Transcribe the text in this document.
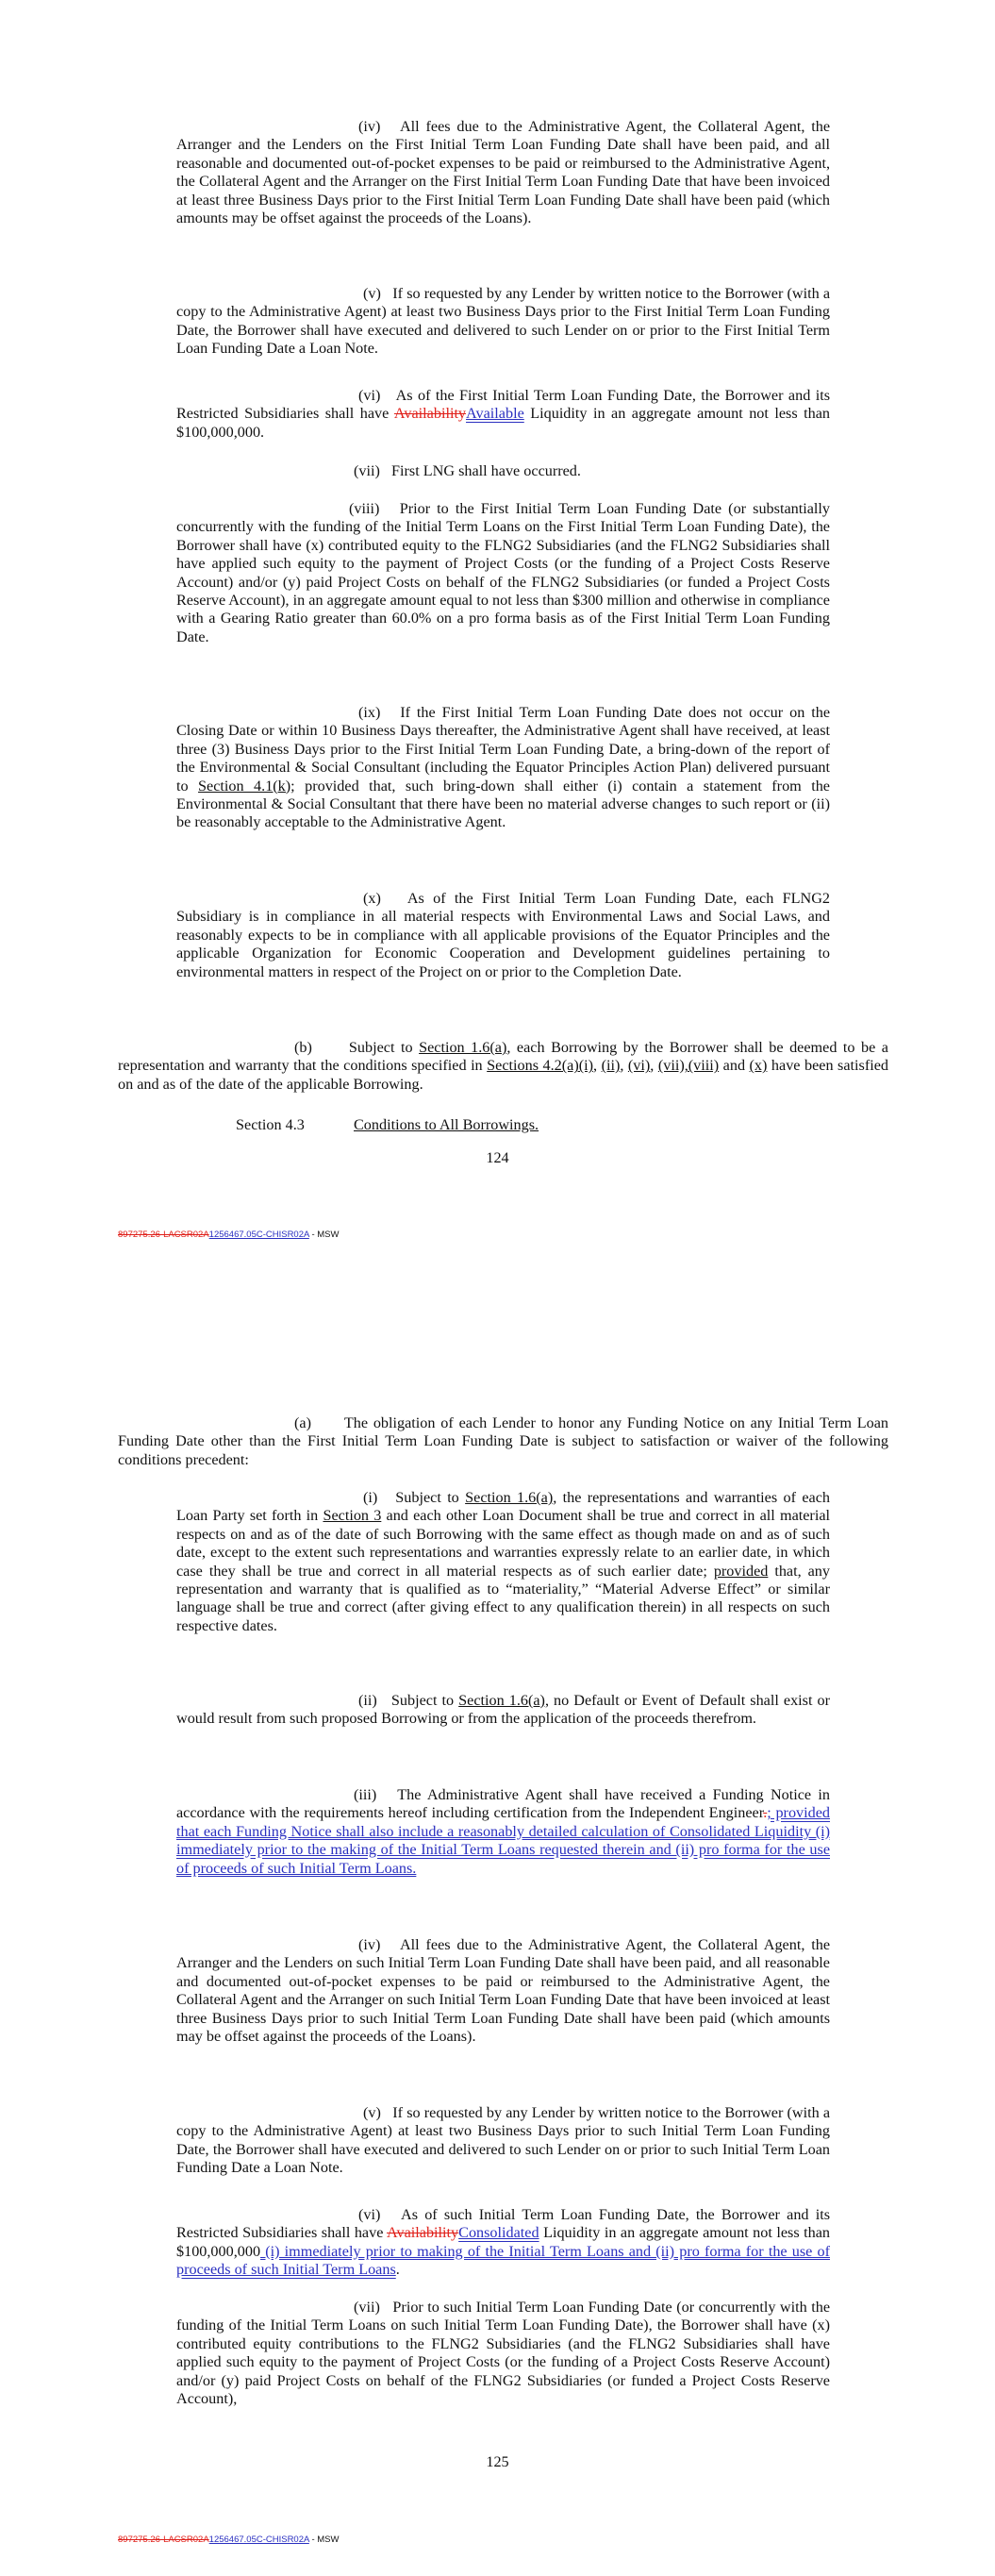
(iv) All fees due to the Administrative Agent, the Collateral Agent, the Arranger and the Lenders on the First Initial Term Loan Funding Date shall have been paid, and all reasonable and documented out-of-pocket expenses to be paid or reimbursed to the Administrative Agent, the Collateral Agent and the Arranger on the First Initial Term Loan Funding Date that have been invoiced at least three Business Days prior to the First Initial Term Loan Funding Date shall have been paid (which amounts may be offset against the proceeds of the Loans).

(v) If so requested by any Lender by written notice to the Borrower (with a copy to the Administrative Agent) at least two Business Days prior to the First Initial Term Loan Funding Date, the Borrower shall have executed and delivered to such Lender on or prior to the First Initial Term Loan Funding Date a Loan Note.

(vi) As of the First Initial Term Loan Funding Date, the Borrower and its Restricted Subsidiaries shall have AvailabilityAvailable Liquidity in an aggregate amount not less than $100,000,000.

(vii) First LNG shall have occurred.

(viii) Prior to the First Initial Term Loan Funding Date (or substantially concurrently with the funding of the Initial Term Loans on the First Initial Term Loan Funding Date), the Borrower shall have (x) contributed equity to the FLNG2 Subsidiaries (and the FLNG2 Subsidiaries shall have applied such equity to the payment of Project Costs (or the funding of a Project Costs Reserve Account) and/or (y) paid Project Costs on behalf of the FLNG2 Subsidiaries (or funded a Project Costs Reserve Account), in an aggregate amount equal to not less than $300 million and otherwise in compliance with a Gearing Ratio greater than 60.0% on a pro forma basis as of the First Initial Term Loan Funding Date.

(ix) If the First Initial Term Loan Funding Date does not occur on the Closing Date or within 10 Business Days thereafter, the Administrative Agent shall have received, at least three (3) Business Days prior to the First Initial Term Loan Funding Date, a bring-down of the report of the Environmental & Social Consultant (including the Equator Principles Action Plan) delivered pursuant to Section 4.1(k); provided that, such bring-down shall either (i) contain a statement from the Environmental & Social Consultant that there have been no material adverse changes to such report or (ii) be reasonably acceptable to the Administrative Agent.

(x) As of the First Initial Term Loan Funding Date, each FLNG2 Subsidiary is in compliance in all material respects with Environmental Laws and Social Laws, and reasonably expects to be in compliance with all applicable provisions of the Equator Principles and the applicable Organization for Economic Cooperation and Development guidelines pertaining to environmental matters in respect of the Project on or prior to the Completion Date.

(b) Subject to Section 1.6(a), each Borrowing by the Borrower shall be deemed to be a representation and warranty that the conditions specified in Sections 4.2(a)(i), (ii), (vi), (vii),(viii) and (x) have been satisfied on and as of the date of the applicable Borrowing.

Section 4.3	Conditions to All Borrowings.
124
897275.26-LACSR02A1256467.05C-CHISR02A - MSW

(a) The obligation of each Lender to honor any Funding Notice on any Initial Term Loan Funding Date other than the First Initial Term Loan Funding Date is subject to satisfaction or waiver of the following conditions precedent:

(i) Subject to Section 1.6(a), the representations and warranties of each Loan Party set forth in Section 3 and each other Loan Document shall be true and correct in all material respects on and as of the date of such Borrowing with the same effect as though made on and as of such date, except to the extent such representations and warranties expressly relate to an earlier date, in which case they shall be true and correct in all material respects as of such earlier date; provided that, any representation and warranty that is qualified as to “materiality,” “Material Adverse Effect” or similar language shall be true and correct (after giving effect to any qualification therein) in all respects on such respective dates.

(ii) Subject to Section 1.6(a), no Default or Event of Default shall exist or would result from such proposed Borrowing or from the application of the proceeds therefrom.

(iii) The Administrative Agent shall have received a Funding Notice in accordance with the requirements hereof including certification from the Independent Engineer.; provided that each Funding Notice shall also include a reasonably detailed calculation of Consolidated Liquidity (i) immediately prior to the making of the Initial Term Loans requested therein and (ii) pro forma for the use of proceeds of such Initial Term Loans.

(iv) All fees due to the Administrative Agent, the Collateral Agent, the Arranger and the Lenders on such Initial Term Loan Funding Date shall have been paid, and all reasonable and documented out-of-pocket expenses to be paid or reimbursed to the Administrative Agent, the Collateral Agent and the Arranger on such Initial Term Loan Funding Date that have been invoiced at least three Business Days prior to such Initial Term Loan Funding Date shall have been paid (which amounts may be offset against the proceeds of the Loans).

(v) If so requested by any Lender by written notice to the Borrower (with a copy to the Administrative Agent) at least two Business Days prior to such Initial Term Loan Funding Date, the Borrower shall have executed and delivered to such Lender on or prior to such Initial Term Loan Funding Date a Loan Note.

(vi) As of such Initial Term Loan Funding Date, the Borrower and its Restricted Subsidiaries shall have AvailabilityConsolidated Liquidity in an aggregate amount not less than $100,000,000 (i) immediately prior to making of the Initial Term Loans and (ii) pro forma for the use of proceeds of such Initial Term Loans.

(vii) Prior to such Initial Term Loan Funding Date (or concurrently with the funding of the Initial Term Loans on such Initial Term Loan Funding Date), the Borrower shall have (x) contributed equity contributions to the FLNG2 Subsidiaries (and the FLNG2 Subsidiaries shall have applied such equity to the payment of Project Costs (or the funding of a Project Costs Reserve Account) and/or (y) paid Project Costs on behalf of the FLNG2 Subsidiaries (or funded a Project Costs Reserve Account),

125
897275.26-LACSR02A1256467.05C-CHISR02A - MSW
